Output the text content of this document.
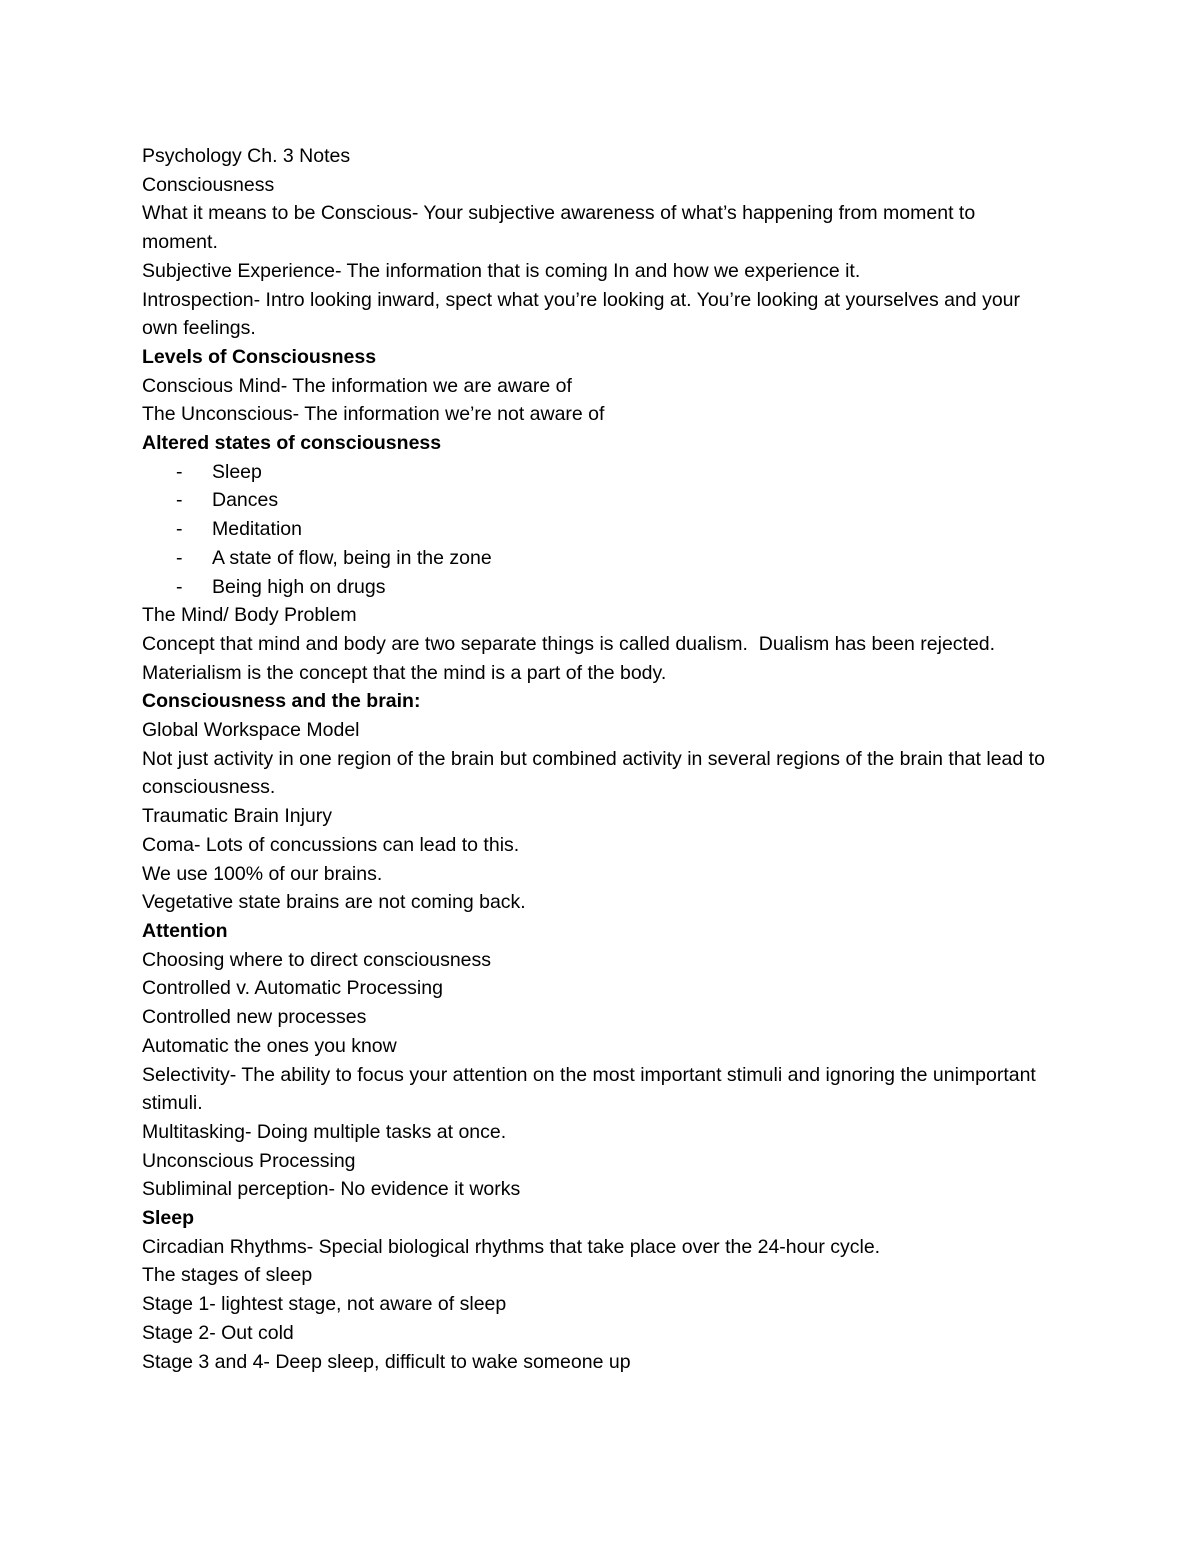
Psychology Ch. 3 Notes

Consciousness

What it means to be Conscious- Your subjective awareness of what’s happening from moment to moment.

Subjective Experience- The information that is coming In and how we experience it.

Introspection- Intro looking inward, spect what you’re looking at. You’re looking at yourselves and your own feelings.

Levels of Consciousness

Conscious Mind- The information we are aware of

The Unconscious- The information we’re not aware of

Altered states of consciousness

-	Sleep
-	Dances
-	Meditation
-	A state of flow, being in the zone
-	Being high on drugs

The Mind/ Body Problem

Concept that mind and body are two separate things is called dualism.  Dualism has been rejected.

Materialism is the concept that the mind is a part of the body.

Consciousness and the brain:

Global Workspace Model

Not just activity in one region of the brain but combined activity in several regions of the brain that lead to consciousness.

Traumatic Brain Injury

Coma- Lots of concussions can lead to this.

We use 100% of our brains.

Vegetative state brains are not coming back.

Attention

Choosing where to direct consciousness

Controlled v. Automatic Processing

Controlled new processes

Automatic the ones you know

Selectivity- The ability to focus your attention on the most important stimuli and ignoring the unimportant stimuli.

Multitasking- Doing multiple tasks at once.

Unconscious Processing

Subliminal perception- No evidence it works

Sleep

Circadian Rhythms- Special biological rhythms that take place over the 24-hour cycle.

The stages of sleep

Stage 1- lightest stage, not aware of sleep

Stage 2- Out cold

Stage 3 and 4- Deep sleep, difficult to wake someone up
